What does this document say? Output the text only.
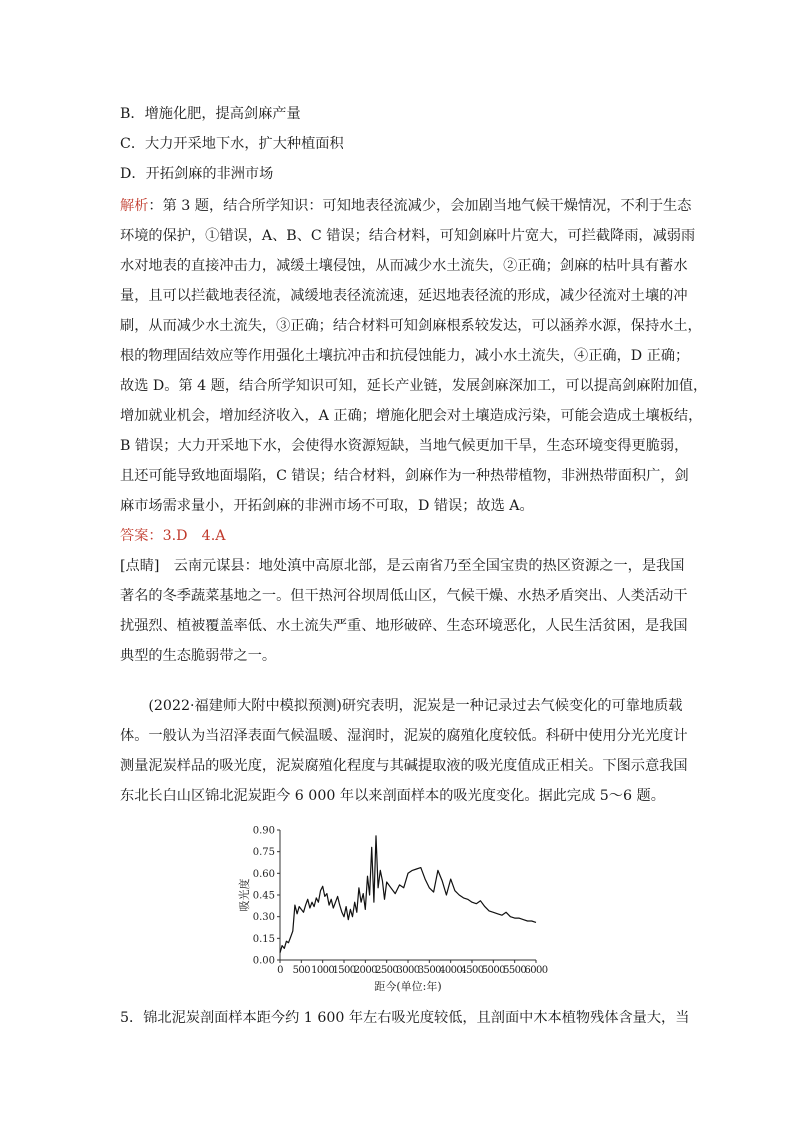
B．增施化肥，提高剑麻产量
C．大力开采地下水，扩大种植面积
D．开拓剑麻的非洲市场
解析：第 3 题，结合所学知识：可知地表径流减少，会加剧当地气候干燥情况，不利于生态
环境的保护，①错误，A、B、C 错误；结合材料，可知剑麻叶片宽大，可拦截降雨，减弱雨
水对地表的直接冲击力，减缓土壤侵蚀，从而减少水土流失，②正确；剑麻的枯叶具有蓄水
量，且可以拦截地表径流，减缓地表径流流速，延迟地表径流的形成，减少径流对土壤的冲
刷，从而减少水土流失，③正确；结合材料可知剑麻根系较发达，可以涵养水源，保持水土，
根的物理固结效应等作用强化土壤抗冲击和抗侵蚀能力，减小水土流失，④正确，D 正确；
故选 D。第 4 题，结合所学知识可知，延长产业链，发展剑麻深加工，可以提高剑麻附加值，
增加就业机会，增加经济收入，A 正确；增施化肥会对土壤造成污染，可能会造成土壤板结，
B 错误；大力开采地下水，会使得水资源短缺，当地气候更加干旱，生态环境变得更脆弱，
且还可能导致地面塌陷，C 错误；结合材料，剑麻作为一种热带植物，非洲热带面积广，剑
麻市场需求量小，开拓剑麻的非洲市场不可取，D 错误；故选 A。
答案：3.D　4.A
[点睛]　云南元谋县：地处滇中高原北部，是云南省乃至全国宝贵的热区资源之一，是我国
著名的冬季蔬菜基地之一。但干热河谷坝周低山区，气候干燥、水热矛盾突出、人类活动干
扰强烈、植被覆盖率低、水土流失严重、地形破碎、生态环境恶化，人民生活贫困，是我国
典型的生态脆弱带之一。
　　(2022·福建师大附中模拟预测)研究表明，泥炭是一种记录过去气候变化的可靠地质载
体。一般认为当沼泽表面气候温暖、湿润时，泥炭的腐殖化度较低。科研中使用分光光度计
测量泥炭样品的吸光度，泥炭腐殖化程度与其碱提取液的吸光度值成正相关。下图示意我国
东北长白山区锦北泥炭距今 6 000 年以来剖面样本的吸光度变化。据此完成 5～6 题。
0.00
0.15
0.30
0.45
0.60
0.75
0.90
0 500 1000
1500
2000
2500
3000
3500
4000
4500
5000
5500
6000
吸光度
距今(单位:年)
5．锦北泥炭剖面样本距今约 1 600 年左右吸光度较低，且剖面中木本植物残体含量大，当
